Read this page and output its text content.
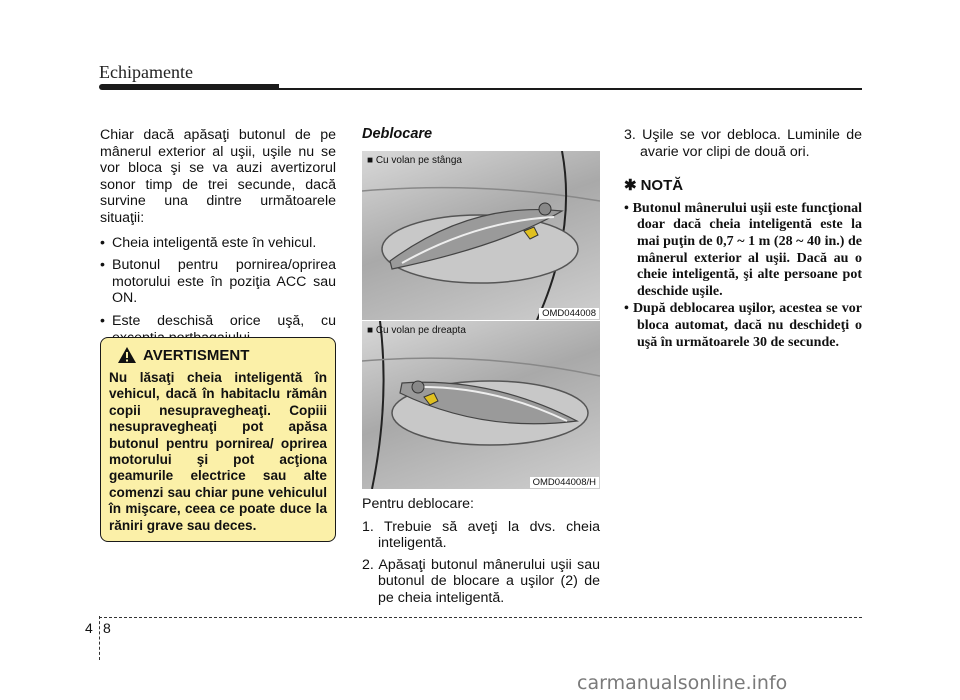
Echipamente

Chiar dacă apăsaţi butonul de pe mânerul exterior al uşii, uşile nu se vor bloca şi se va auzi avertizorul sonor timp de trei secunde, dacă survine una dintre următoarele situaţii:

• Cheia inteligentă este în vehicul.
• Butonul pentru pornirea/oprirea motorului este în poziţia ACC sau ON.
• Este deschisă orice uşă, cu
AVERTISMENT
Nu lăsaţi cheia inteligentă în vehicul, dacă în habitaclu rămân copii nesupravegheaţi. Copiii nesupravegheaţi pot apăsa butonul pentru pornirea/ oprirea motorului şi pot acţiona geamurile electrice sau alte comenzi sau chiar pune vehiculul în mişcare, ceea ce poate duce la răniri grave sau deces.

Deblocare

■ Cu volan pe stânga
OMD044008
■ Cu volan pe dreapta
OMD044008/H
Pentru deblocare:
1. Trebuie să aveţi la dvs. cheia inteligentă.
2. Apăsaţi butonul mânerului uşii sau butonul de blocare a uşilor (2) de pe cheia inteligentă.
3. Uşile se vor debloca. Luminile de avarie vor clipi de două ori.
✱ NOTĂ
• Butonul mânerului uşii este funcţional doar dacă cheia inteligentă este la mai puţin de 0,7 ~ 1 m (28 ~ 40 in.) de mânerul exterior al uşii. Dacă au o cheie inteligentă, şi alte persoane pot deschide uşile.
• După deblocarea uşilor, acestea se vor bloca automat, dacă nu deschideţi o uşă în următoarele 30 de secunde.
4 8
carmanualsonline.info
